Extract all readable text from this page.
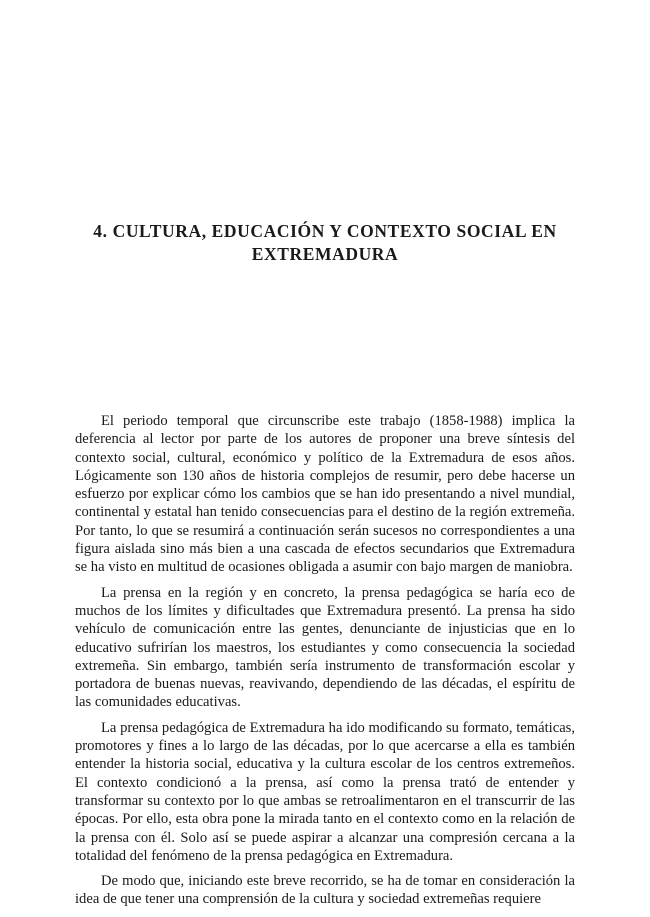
4. CULTURA, EDUCACIÓN Y CONTEXTO SOCIAL EN
EXTREMADURA

El periodo temporal que circunscribe este trabajo (1858-1988) implica la deferencia al lector por parte de los autores de proponer una breve síntesis del contexto social, cultural, económico y político de la Extremadura de esos años. Lógicamente son 130 años de historia complejos de resumir, pero debe hacerse un esfuerzo por explicar cómo los cambios que se han ido presentando a nivel mundial, continental y estatal han tenido consecuencias para el destino de la región extremeña. Por tanto, lo que se resumirá a continuación serán sucesos no correspondientes a una figura aislada sino más bien a una cascada de efectos secundarios que Extremadura se ha visto en multitud de ocasiones obligada a asumir con bajo margen de maniobra.

La prensa en la región y en concreto, la prensa pedagógica se haría eco de muchos de los límites y dificultades que Extremadura presentó. La prensa ha sido vehículo de comunicación entre las gentes, denunciante de injusticias que en lo educativo sufrirían los maestros, los estudiantes y como consecuencia la sociedad extremeña. Sin embargo, también sería instrumento de transformación escolar y portadora de buenas nuevas, reavivando, dependiendo de las décadas, el espíritu de las comunidades educativas.

La prensa pedagógica de Extremadura ha ido modificando su formato, temáticas, promotores y fines a lo largo de las décadas, por lo que acercarse a ella es también entender la historia social, educativa y la cultura escolar de los centros extremeños. El contexto condicionó a la prensa, así como la prensa trató de entender y transformar su contexto por lo que ambas se retroalimentaron en el transcurrir de las épocas. Por ello, esta obra pone la mirada tanto en el contexto como en la relación de la prensa con él. Solo así se puede aspirar a alcanzar una compresión cercana a la totalidad del fenómeno de la prensa pedagógica en Extremadura.

De modo que, iniciando este breve recorrido, se ha de tomar en consideración la idea de que tener una comprensión de la cultura y sociedad extremeñas requiere
